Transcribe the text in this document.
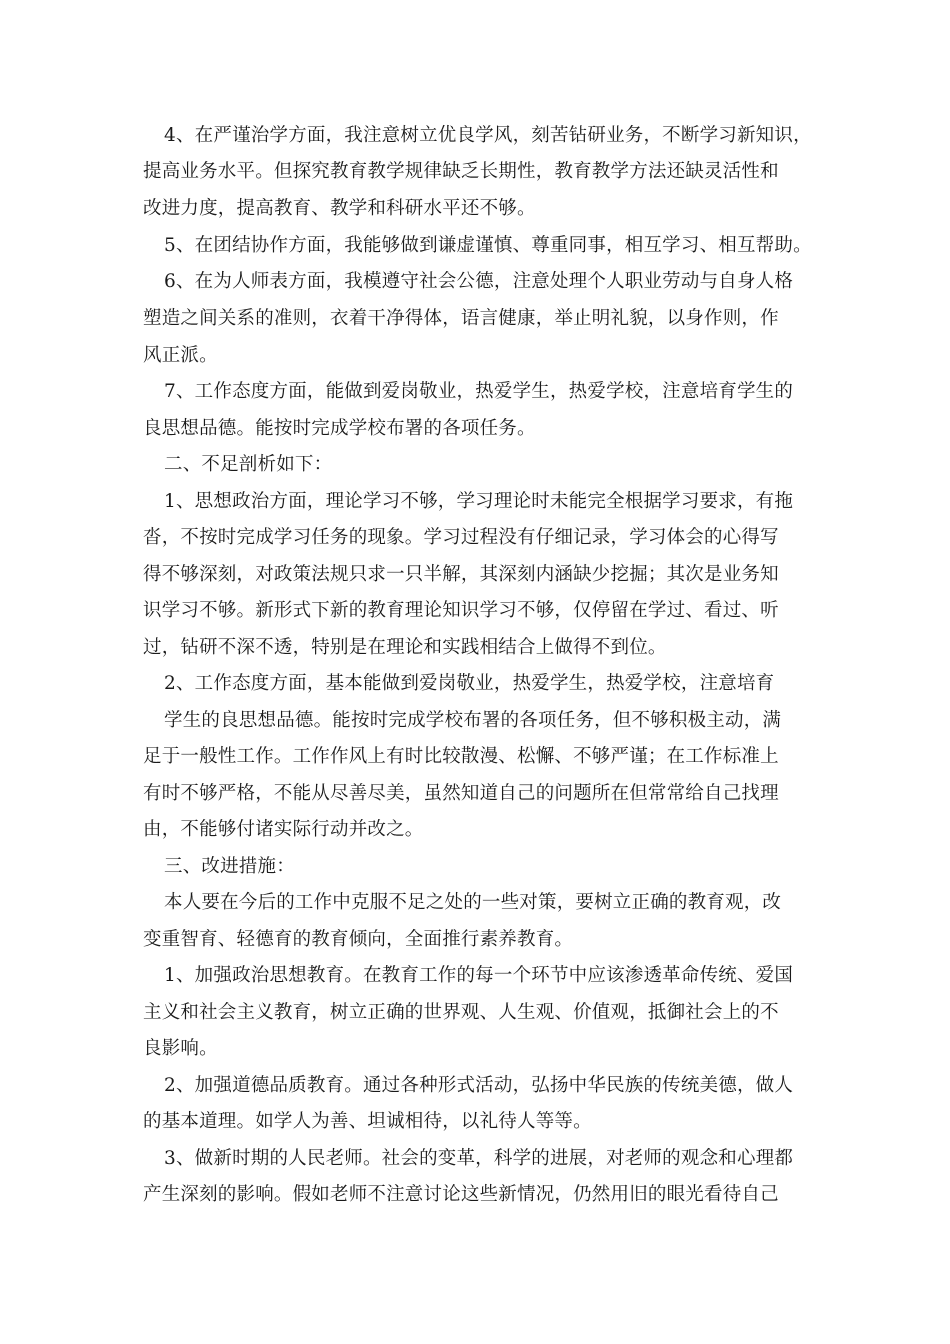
4、在严谨治学方面，我注意树立优良学风，刻苦钻研业务，不断学习新知识，
提高业务水平。但探究教育教学规律缺乏长期性，教育教学方法还缺灵活性和
改进力度，提高教育、教学和科研水平还不够。
5、在团结协作方面，我能够做到谦虚谨慎、尊重同事，相互学习、相互帮助。
6、在为人师表方面，我模遵守社会公德，注意处理个人职业劳动与自身人格
塑造之间关系的准则，衣着干净得体，语言健康，举止明礼貌，以身作则，作
风正派。
7、工作态度方面，能做到爱岗敬业，热爱学生，热爱学校，注意培育学生的
良思想品德。能按时完成学校布署的各项任务。
二、不足剖析如下：
1、思想政治方面，理论学习不够，学习理论时未能完全根据学习要求，有拖
沓，不按时完成学习任务的现象。学习过程没有仔细记录，学习体会的心得写
得不够深刻，对政策法规只求一只半解，其深刻内涵缺少挖掘；其次是业务知
识学习不够。新形式下新的教育理论知识学习不够，仅停留在学过、看过、听
过，钻研不深不透，特别是在理论和实践相结合上做得不到位。
2、工作态度方面，基本能做到爱岗敬业，热爱学生，热爱学校，注意培育
学生的良思想品德。能按时完成学校布署的各项任务，但不够积极主动，满
足于一般性工作。工作作风上有时比较散漫、松懈、不够严谨；在工作标准上
有时不够严格，不能从尽善尽美，虽然知道自己的问题所在但常常给自己找理
由，不能够付诸实际行动并改之。
三、改进措施：
本人要在今后的工作中克服不足之处的一些对策，要树立正确的教育观，改
变重智育、轻德育的教育倾向，全面推行素养教育。
1、加强政治思想教育。在教育工作的每一个环节中应该渗透革命传统、爱国
主义和社会主义教育，树立正确的世界观、人生观、价值观，抵御社会上的不
良影响。
2、加强道德品质教育。通过各种形式活动，弘扬中华民族的传统美德，做人
的基本道理。如学人为善、坦诚相待，以礼待人等等。
3、做新时期的人民老师。社会的变革，科学的进展，对老师的观念和心理都
产生深刻的影响。假如老师不注意讨论这些新情况，仍然用旧的眼光看待自己
